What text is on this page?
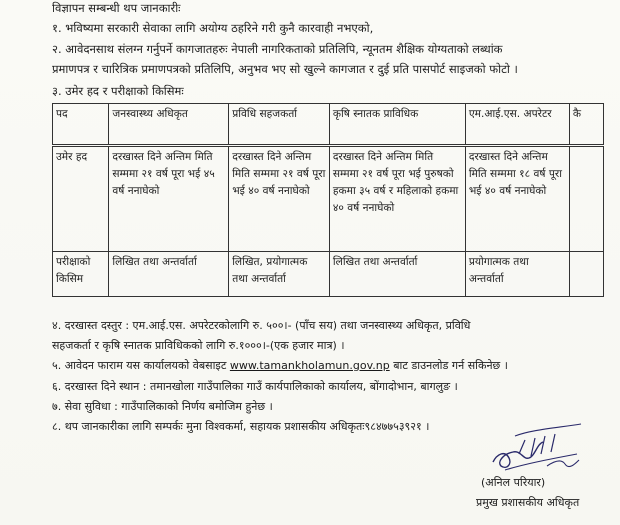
विज्ञापन सम्बन्धी थप जानकारीः
१. भविष्यमा सरकारी सेवाका लागि अयोग्य ठहरिने गरी कुनै कारवाही नभएको,
२. आवेदनसाथ संलग्न गर्नुपर्ने कागजातहरुः नेपाली नागरिकताको प्रतिलिपि, न्यूनतम शैक्षिक योग्यताको लब्धांक
प्रमाणपत्र र चारित्रिक प्रमाणपत्रको प्रतिलिपि, अनुभव भए सो खुल्ने कागजात र दुई प्रति पासपोर्ट साइजको फोटो ।
३. उमेर हद र परीक्षाको किसिमः
पद	जनस्वास्थ्य अधिकृत	प्रविधि सहजकर्ता	कृषि स्नातक प्राविधिक	एम.आई.एस. अपरेटर	कै
उमेर हद	दरखास्त दिने अन्तिम मिति सम्ममा २१ वर्ष पूरा भई ४५ वर्ष ननाघेको	दरखास्त दिने अन्तिम मिति सम्ममा २१ वर्ष पूरा भई ४० वर्ष ननाघेको	दरखास्त दिने अन्तिम मिति सम्ममा २१ वर्ष पूरा भई पुरुषको हकमा ३५ वर्ष र महिलाको हकमा ४० वर्ष ननाघेको	दरखास्त दिने अन्तिम मिति सम्ममा १८ वर्ष पूरा भई ४० वर्ष ननाघेको	
परीक्षाको किसिम	लिखित तथा अन्तर्वार्ता	लिखित, प्रयोगात्मक तथा अन्तर्वार्ता	लिखित तथा अन्तर्वार्ता	प्रयोगात्मक तथा अन्तर्वार्ता	
४. दरखास्त दस्तुर : एम.आई.एस. अपरेटरकोलागि रु. ५००।- (पाँच सय) तथा जनस्वास्थ्य अधिकृत, प्रविधि
सहजकर्ता र कृषि स्नातक प्राविधिकको लागि रु.१०००।-(एक हजार मात्र) ।
५. आवेदन फाराम यस कार्यालयको वेबसाइट www.tamankholamun.gov.np बाट डाउनलोड गर्न सकिनेछ ।
६. दरखास्त दिने स्थान : तमानखोला गाउँपालिका गाउँ कार्यपालिकाको कार्यालय, बोंगादोभान, बागलुङ ।
७. सेवा सुविधा : गाउँपालिकाको निर्णय बमोजिम हुनेछ ।
८. थप जानकारीका लागि सम्पर्कः मुना विश्वकर्मा, सहायक प्रशासकीय अधिकृतः९८४७७५३९२१ ।
(अनिल परियार)
प्रमुख प्रशासकीय अधिकृत
